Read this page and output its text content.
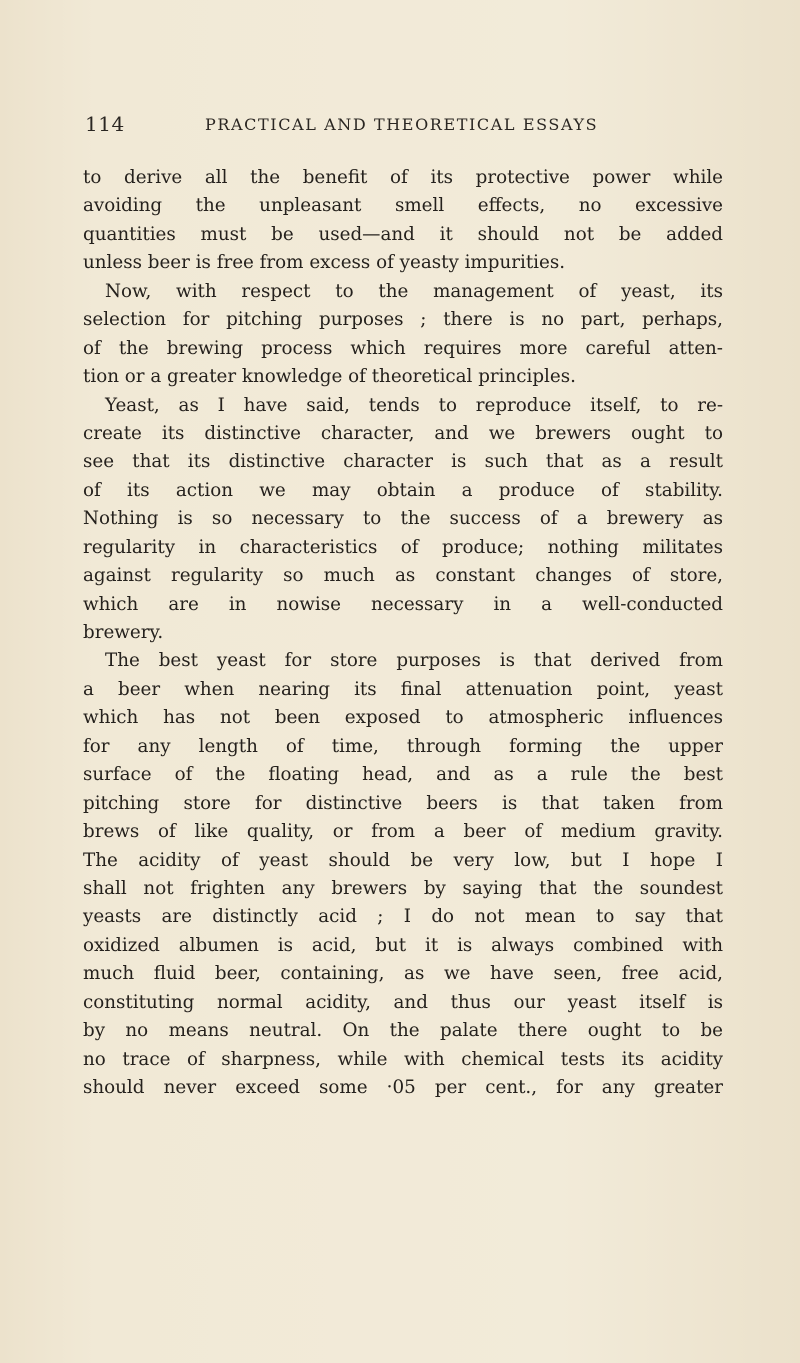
114	PRACTICAL AND THEORETICAL ESSAYS
to derive all the benefit of its protective power while
avoiding the unpleasant smell effects, no excessive
quantities must be used—and it should not be added
unless beer is free from excess of yeasty impurities.
Now, with respect to the management of yeast, its
selection for pitching purposes ; there is no part, perhaps,
of the brewing process which requires more careful atten-
tion or a greater knowledge of theoretical principles.
Yeast, as I have said, tends to reproduce itself, to re-
create its distinctive character, and we brewers ought to
see that its distinctive character is such that as a result
of its action we may obtain a produce of stability.
Nothing is so necessary to the success of a brewery as
regularity in characteristics of produce; nothing militates
against regularity so much as constant changes of store,
which are in nowise necessary in a well-conducted
brewery.
The best yeast for store purposes is that derived from
a beer when nearing its final attenuation point, yeast
which has not been exposed to atmospheric influences
for any length of time, through forming the upper
surface of the floating head, and as a rule the best
pitching store for distinctive beers is that taken from
brews of like quality, or from a beer of medium gravity.
The acidity of yeast should be very low, but I hope I
shall not frighten any brewers by saying that the soundest
yeasts are distinctly acid ; I do not mean to say that
oxidized albumen is acid, but it is always combined with
much fluid beer, containing, as we have seen, free acid,
constituting normal acidity, and thus our yeast itself is
by no means neutral. On the palate there ought to be
no trace of sharpness, while with chemical tests its acidity
should never exceed some ·05 per cent., for any greater
